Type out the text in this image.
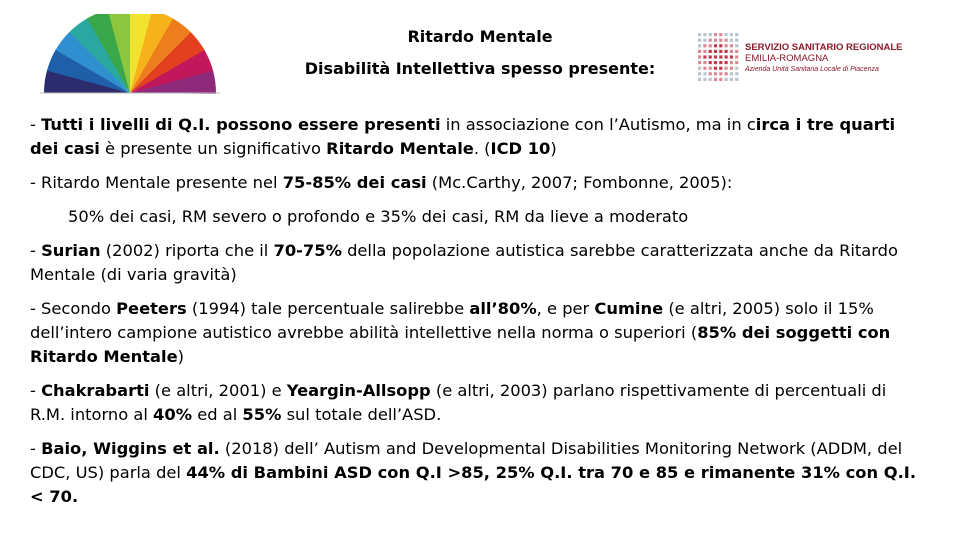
Ritardo Mentale
Disabilità Intellettiva spesso presente:
SERVIZIO SANITARIO REGIONALE
EMILIA-ROMAGNA
Azienda Unità Sanitaria Locale di Piacenza

- Tutti i livelli di Q.I. possono essere presenti in associazione con l’Autismo, ma in circa i tre quarti dei casi è presente un significativo Ritardo Mentale. (ICD 10)

- Ritardo Mentale presente nel 75-85% dei casi (Mc.Carthy, 2007; Fombonne, 2005):

50% dei casi, RM severo o profondo e 35% dei casi, RM da lieve a moderato

- Surian (2002) riporta che il 70-75% della popolazione autistica sarebbe caratterizzata anche da Ritardo Mentale (di varia gravità)

- Secondo Peeters (1994) tale percentuale salirebbe all’80%, e per Cumine (e altri, 2005) solo il 15% dell’intero campione autistico avrebbe abilità intellettive nella norma o superiori (85% dei soggetti con Ritardo Mentale)

- Chakrabarti (e altri, 2001) e Yeargin-Allsopp (e altri, 2003) parlano rispettivamente di percentuali di R.M. intorno al 40% ed al 55% sul totale dell’ASD.

- Baio, Wiggins et al. (2018) dell’ Autism and Developmental Disabilities Monitoring Network (ADDM, del CDC, US) parla del 44% di Bambini ASD con Q.I >85, 25% Q.I. tra 70 e 85 e rimanente 31% con Q.I. < 70.
